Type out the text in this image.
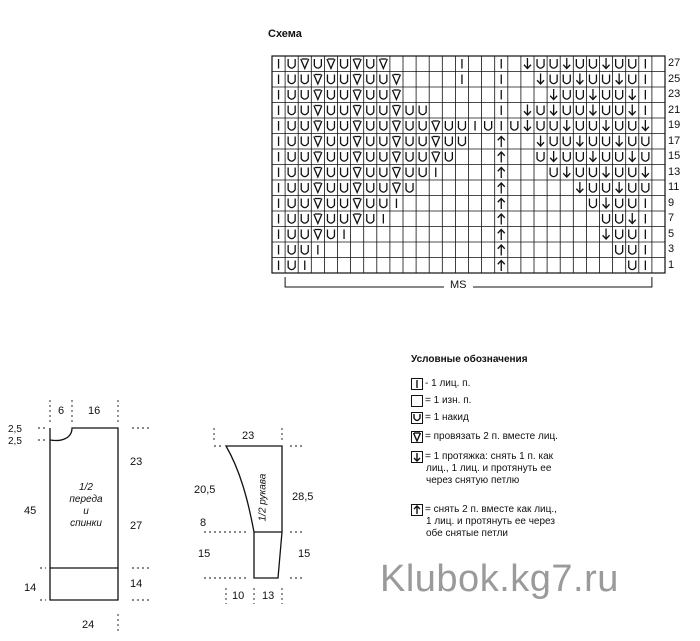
Схема
27
25
23
21
19
17
15
13
11
9
7
5
3
1
MS
6 16
2,5
2,5
45
23
27
14	14
24
1/2
переда
и
спинки
23
20,5
8
15
28,5
15
10 13
1/2 рукава
Условные обозначения
- 1 лиц. п.
= 1 изн. п.
= 1 накид
= провязать 2 п. вместе лиц.
= 1 протяжка: снять 1 п. как
лиц., 1 лиц. и протянуть ее
через снятую петлю
= снять 2 п. вместе как лиц.,
1 лиц. и протянуть ее через
обе снятые петли
Klubok.kg7.ru
